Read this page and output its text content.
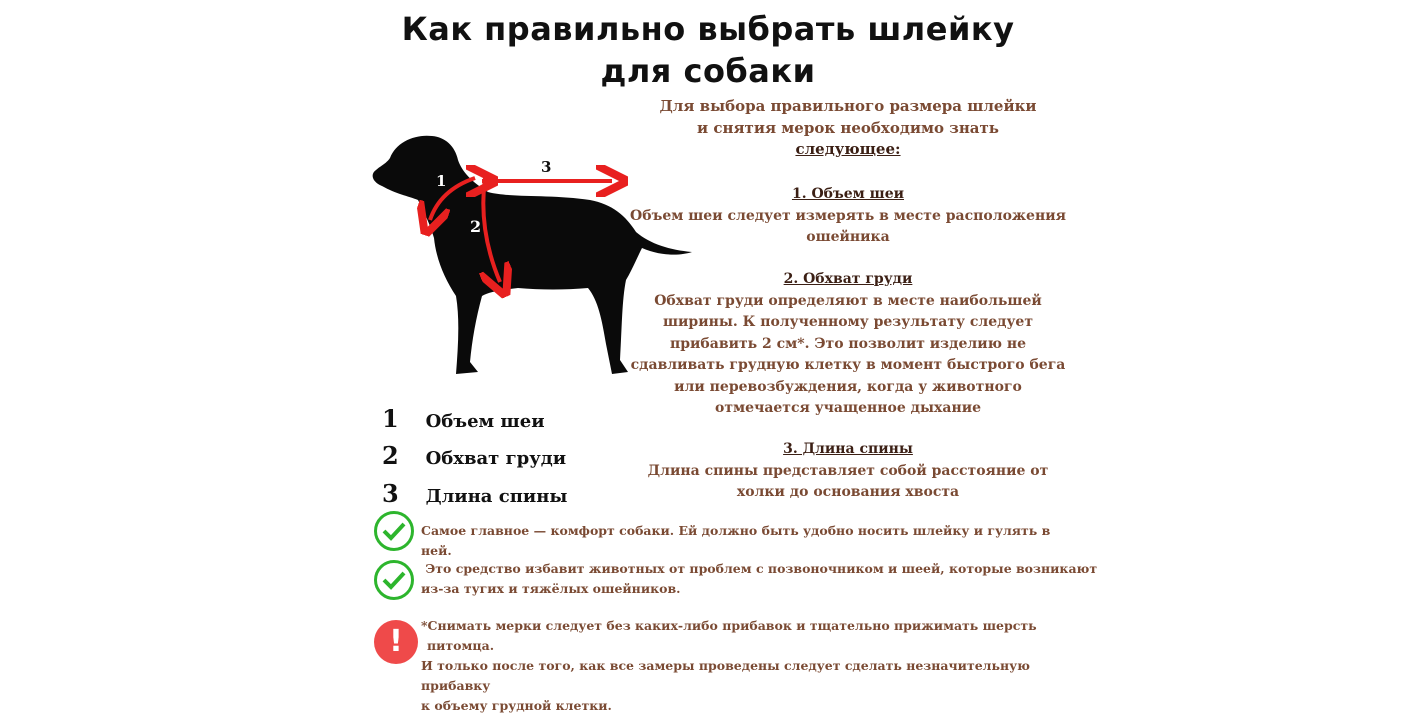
Как правильно выбрать шлейку
для собаки
1
2
3
Для выбора правильного размера шлейки
и снятия мерок необходимо знать
следующее:
1. Объем шеи
Объем шеи следует измерять в месте расположения
ошейника
2. Обхват груди
Обхват груди определяют в месте наибольшей
ширины. К полученному результату следует
прибавить 2 см*. Это позволит изделию не
сдавливать грудную клетку в момент быстрого бега
или перевозбуждения, когда у животного
отмечается учащенное дыхание
3. Длина спины
Длина спины представляет собой расстояние от
холки до основания хвоста
1 Объем шеи
2 Обхват груди
3 Длина спины
Самое главное — комфорт собаки. Ей должно быть удобно носить шлейку и гулять в ней.
Это средство избавит животных от проблем с позвоночником и шеей, которые возникают
из-за тугих и тяжёлых ошейников.
!	*Снимать мерки следует без каких-либо прибавок и тщательно прижимать шерсть
питомца.
И только после того, как все замеры проведены следует сделать незначительную прибавку
к объему грудной клетки.
